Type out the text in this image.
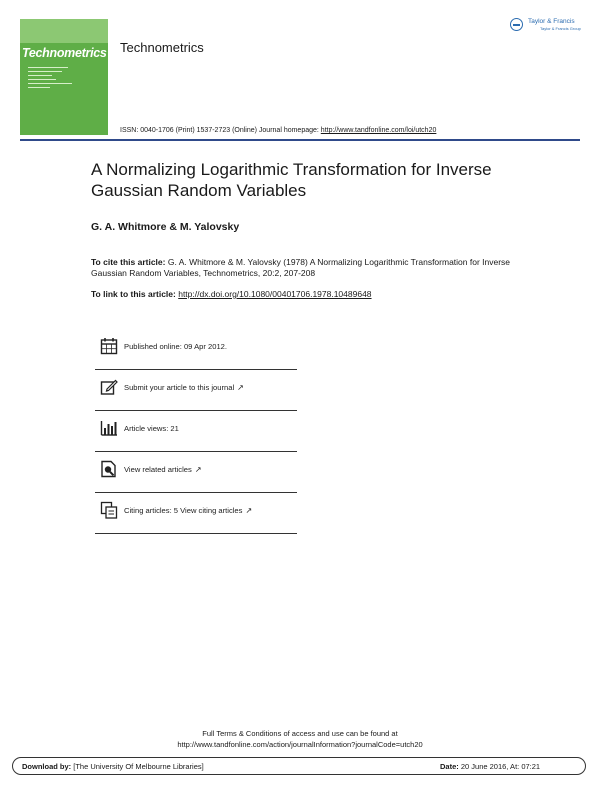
Technometrics Technometrics
Taylor & Francis
Taylor & Francis Group
ISSN: 0040-1706 (Print) 1537-2723 (Online) Journal homepage: http://www.tandfonline.com/loi/utch20
A Normalizing Logarithmic Transformation for Inverse Gaussian Random Variables
G. A. Whitmore & M. Yalovsky
To cite this article: G. A. Whitmore & M. Yalovsky (1978) A Normalizing Logarithmic Transformation for Inverse Gaussian Random Variables, Technometrics, 20:2, 207-208
To link to this article: http://dx.doi.org/10.1080/00401706.1978.10489648
Published online: 09 Apr 2012.
Submit your article to this journal ↗
Article views: 21
View related articles ↗
Citing articles: 5 View citing articles ↗
Full Terms & Conditions of access and use can be found at
http://www.tandfonline.com/action/journalInformation?journalCode=utch20
Download by: [The University Of Melbourne Libraries]	Date: 20 June 2016, At: 07:21
